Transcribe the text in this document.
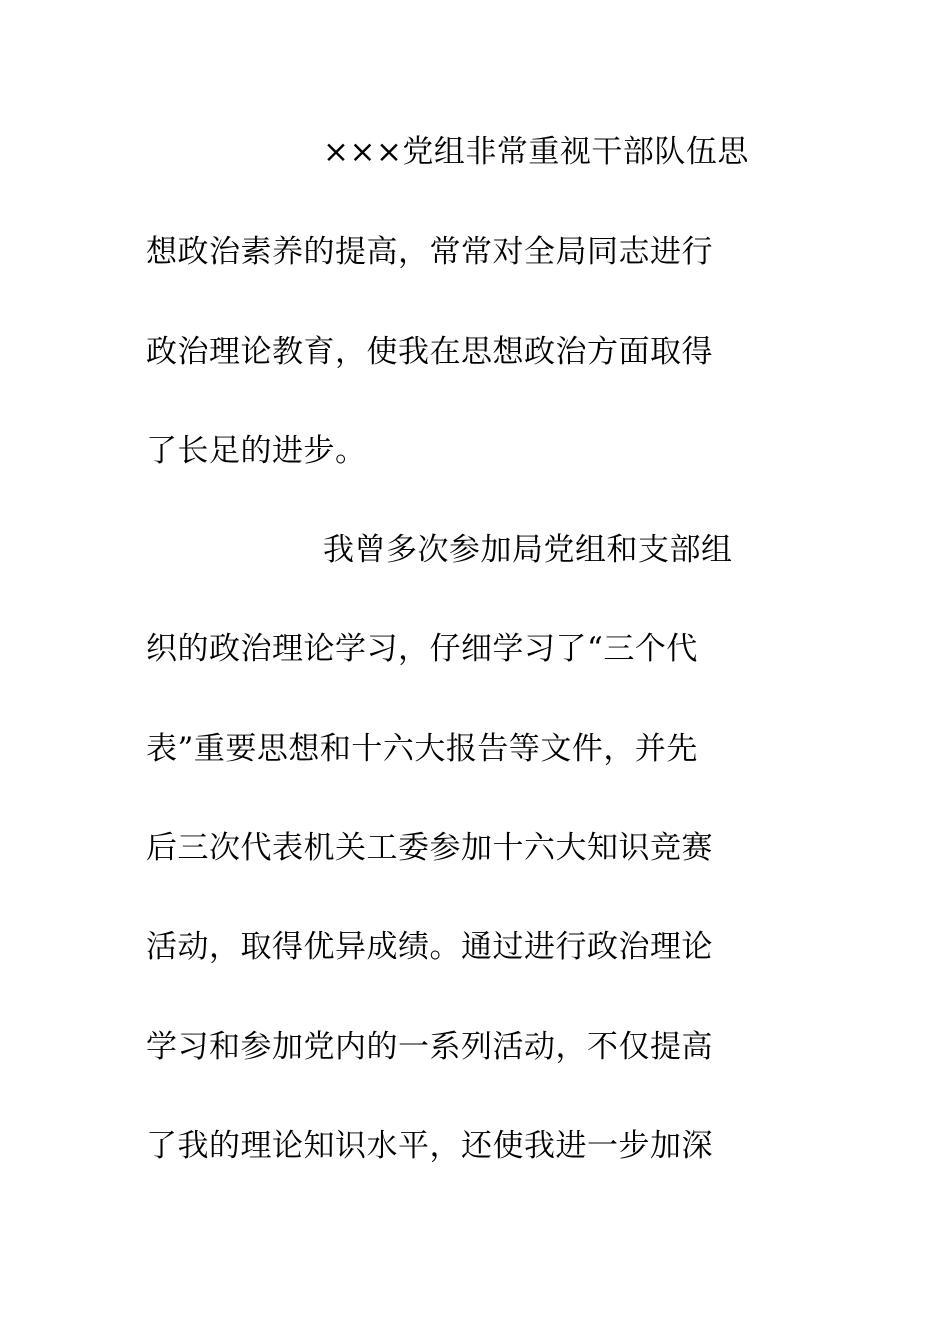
×××党组非常重视干部队伍思
想政治素养的提高，常常对全局同志进行
政治理论教育，使我在思想政治方面取得
了长足的进步。
我曾多次参加局党组和支部组
织的政治理论学习，仔细学习了“三个代
表”重要思想和十六大报告等文件，并先
后三次代表机关工委参加十六大知识竞赛
活动，取得优异成绩。通过进行政治理论
学习和参加党内的一系列活动，不仅提高
了我的理论知识水平，还使我进一步加深
